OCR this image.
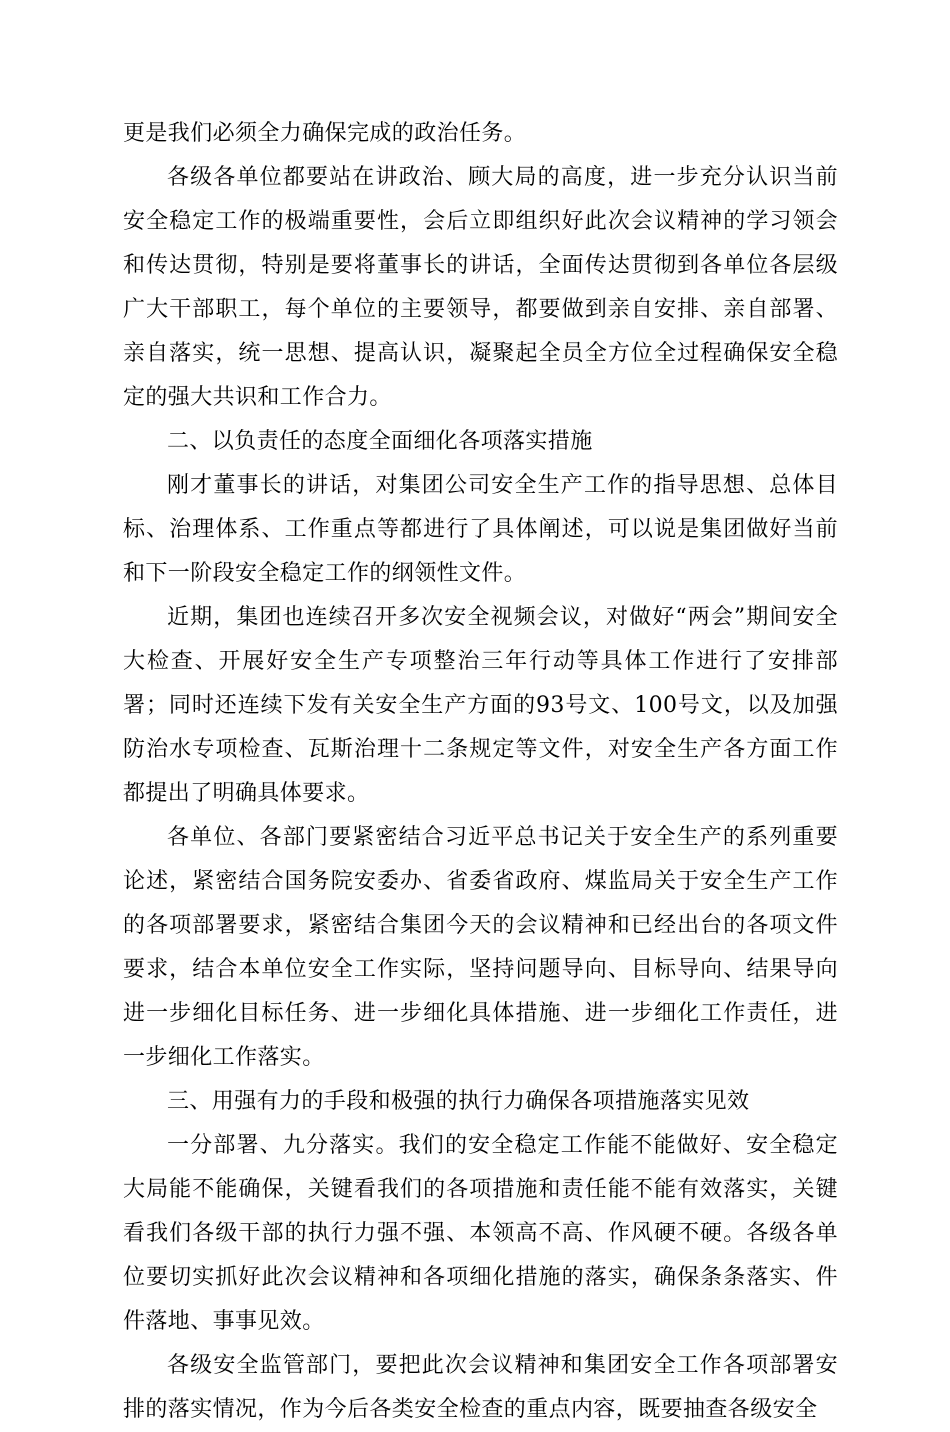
更是我们必须全力确保完成的政治任务。

各级各单位都要站在讲政治、顾大局的高度，进一步充分认识当前安全稳定工作的极端重要性，会后立即组织好此次会议精神的学习领会和传达贯彻，特别是要将董事长的讲话，全面传达贯彻到各单位各层级广大干部职工，每个单位的主要领导，都要做到亲自安排、亲自部署、亲自落实，统一思想、提高认识，凝聚起全员全方位全过程确保安全稳定的强大共识和工作合力。

二、以负责任的态度全面细化各项落实措施

刚才董事长的讲话，对集团公司安全生产工作的指导思想、总体目标、治理体系、工作重点等都进行了具体阐述，可以说是集团做好当前和下一阶段安全稳定工作的纲领性文件。

近期，集团也连续召开多次安全视频会议，对做好“两会”期间安全大检查、开展好安全生产专项整治三年行动等具体工作进行了安排部署；同时还连续下发有关安全生产方面的93号文、100号文，以及加强防治水专项检查、瓦斯治理十二条规定等文件，对安全生产各方面工作都提出了明确具体要求。

各单位、各部门要紧密结合习近平总书记关于安全生产的系列重要论述，紧密结合国务院安委办、省委省政府、煤监局关于安全生产工作的各项部署要求，紧密结合集团今天的会议精神和已经出台的各项文件要求，结合本单位安全工作实际，坚持问题导向、目标导向、结果导向进一步细化目标任务、进一步细化具体措施、进一步细化工作责任，进一步细化工作落实。

三、用强有力的手段和极强的执行力确保各项措施落实见效

一分部署、九分落实。我们的安全稳定工作能不能做好、安全稳定大局能不能确保，关键看我们的各项措施和责任能不能有效落实，关键看我们各级干部的执行力强不强、本领高不高、作风硬不硬。各级各单位要切实抓好此次会议精神和各项细化措施的落实，确保条条落实、件件落地、事事见效。

各级安全监管部门，要把此次会议精神和集团安全工作各项部署安排的落实情况，作为今后各类安全检查的重点内容，既要抽查各级安全
